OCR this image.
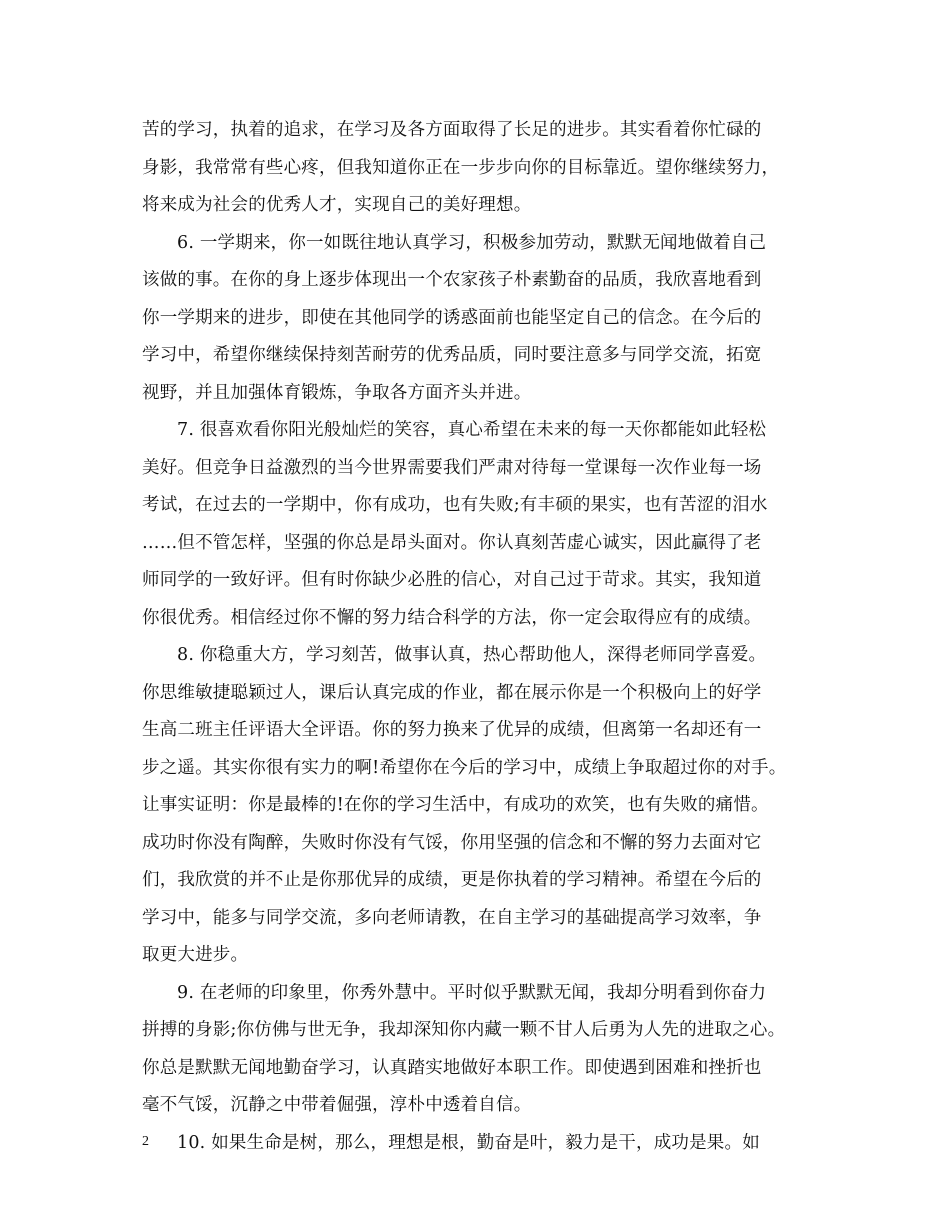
苦的学习，执着的追求，在学习及各方面取得了长足的进步。其实看着你忙碌的
身影，我常常有些心疼，但我知道你正在一步步向你的目标靠近。望你继续努力，
将来成为社会的优秀人才，实现自己的美好理想。
6. 一学期来，你一如既往地认真学习，积极参加劳动，默默无闻地做着自己
该做的事。在你的身上逐步体现出一个农家孩子朴素勤奋的品质，我欣喜地看到
你一学期来的进步，即使在其他同学的诱惑面前也能坚定自己的信念。在今后的
学习中，希望你继续保持刻苦耐劳的优秀品质，同时要注意多与同学交流，拓宽
视野，并且加强体育锻炼，争取各方面齐头并进。
7. 很喜欢看你阳光般灿烂的笑容，真心希望在未来的每一天你都能如此轻松
美好。但竞争日益激烈的当今世界需要我们严肃对待每一堂课每一次作业每一场
考试，在过去的一学期中，你有成功，也有失败;有丰硕的果实，也有苦涩的泪水
……但不管怎样，坚强的你总是昂头面对。你认真刻苦虚心诚实，因此赢得了老
师同学的一致好评。但有时你缺少必胜的信心，对自己过于苛求。其实，我知道
你很优秀。相信经过你不懈的努力结合科学的方法，你一定会取得应有的成绩。
8. 你稳重大方，学习刻苦，做事认真，热心帮助他人，深得老师同学喜爱。
你思维敏捷聪颖过人，课后认真完成的作业，都在展示你是一个积极向上的好学
生高二班主任评语大全评语。你的努力换来了优异的成绩，但离第一名却还有一
步之遥。其实你很有实力的啊!希望你在今后的学习中，成绩上争取超过你的对手。
让事实证明：你是最棒的!在你的学习生活中，有成功的欢笑，也有失败的痛惜。
成功时你没有陶醉，失败时你没有气馁，你用坚强的信念和不懈的努力去面对它
们，我欣赏的并不止是你那优异的成绩，更是你执着的学习精神。希望在今后的
学习中，能多与同学交流，多向老师请教，在自主学习的基础提高学习效率，争
取更大进步。
9. 在老师的印象里，你秀外慧中。平时似乎默默无闻，我却分明看到你奋力
拼搏的身影;你仿佛与世无争，我却深知你内藏一颗不甘人后勇为人先的进取之心。
你总是默默无闻地勤奋学习，认真踏实地做好本职工作。即使遇到困难和挫折也
毫不气馁，沉静之中带着倔强，淳朴中透着自信。
10. 如果生命是树，那么，理想是根，勤奋是叶，毅力是干，成功是果。如
2
